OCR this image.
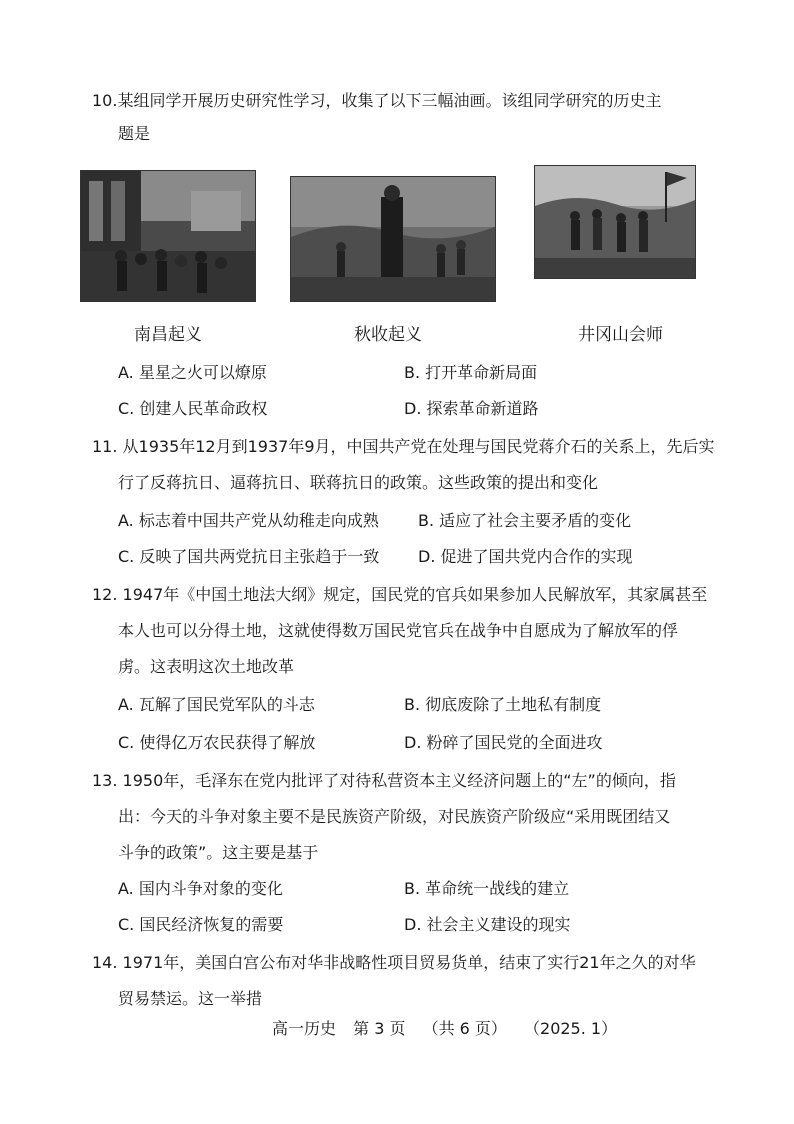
10.某组同学开展历史研究性学习，收集了以下三幅油画。该组同学研究的历史主
题是
南昌起义	秋收起义	井冈山会师
A. 星星之火可以燎原	B. 打开革命新局面
C. 创建人民革命政权	D. 探索革命新道路
11. 从1935年12月到1937年9月，中国共产党在处理与国民党蒋介石的关系上，先后实
行了反蒋抗日、逼蒋抗日、联蒋抗日的政策。这些政策的提出和变化
A. 标志着中国共产党从幼稚走向成熟 B. 适应了社会主要矛盾的变化
C. 反映了国共两党抗日主张趋于一致 D. 促进了国共党内合作的实现
12. 1947年《中国土地法大纲》规定，国民党的官兵如果参加人民解放军，其家属甚至
本人也可以分得土地，这就使得数万国民党官兵在战争中自愿成为了解放军的俘
虏。这表明这次土地改革
A. 瓦解了国民党军队的斗志	B. 彻底废除了土地私有制度
C. 使得亿万农民获得了解放	D. 粉碎了国民党的全面进攻
13. 1950年，毛泽东在党内批评了对待私营资本主义经济问题上的“左”的倾向，指
出：今天的斗争对象主要不是民族资产阶级，对民族资产阶级应“采用既团结又
斗争的政策”。这主要是基于
A. 国内斗争对象的变化	B. 革命统一战线的建立
C. 国民经济恢复的需要	D. 社会主义建设的现实
14. 1971年，美国白宫公布对华非战略性项目贸易货单，结束了实行21年之久的对华
贸易禁运。这一举措
高一历史 第 3 页 （共 6 页） （2025. 1）
